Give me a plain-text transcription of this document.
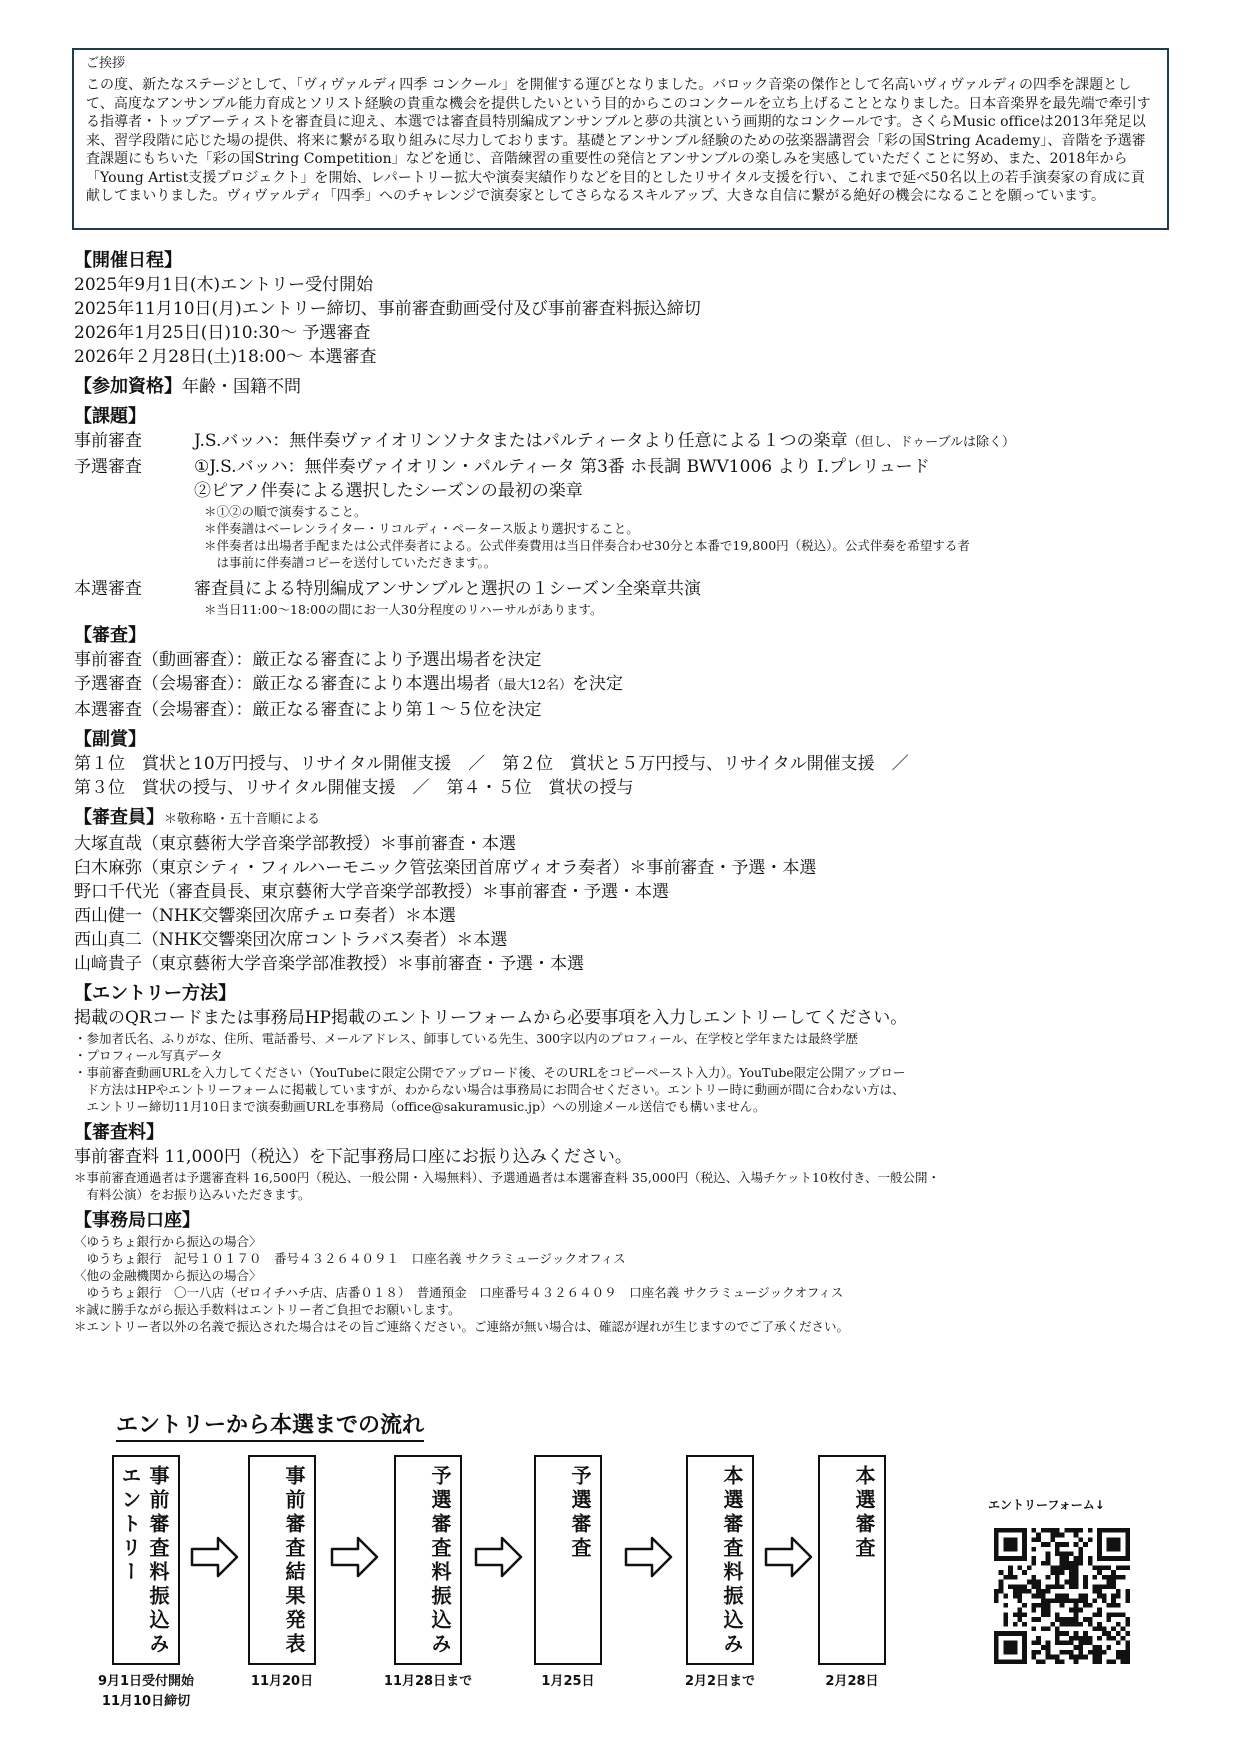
ご挨拶

この度、新たなステージとして、「ヴィヴァルディ四季 コンクール」を開催する運びとなりました。バロック音楽の傑作として名高いヴィヴァルディの四季を課題として、高度なアンサンブル能力育成とソリスト経験の貴重な機会を提供したいという目的からこのコンクールを立ち上げることとなりました。日本音楽界を最先端で牽引する指導者・トップアーティストを審査員に迎え、本選では審査員特別編成アンサンブルと夢の共演という画期的なコンクールです。さくらMusic officeは2013年発足以来、習学段階に応じた場の提供、将来に繋がる取り組みに尽力しております。基礎とアンサンブル経験のための弦楽器講習会「彩の国String Academy」、音階を予選審査課題にもちいた「彩の国String Competition」などを通じ、音階練習の重要性の発信とアンサンブルの楽しみを実感していただくことに努め、また、2018年から「Young Artist支援プロジェクト」を開始、レパートリー拡大や演奏実績作りなどを目的としたリサイタル支援を行い、これまで延べ50名以上の若手演奏家の育成に貢献してまいりました。ヴィヴァルディ「四季」へのチャレンジで演奏家としてさらなるスキルアップ、大きな自信に繋がる絶好の機会になることを願っています。

【開催日程】

2025年9月1日(木)エントリー受付開始

2025年11月10日(月)エントリー締切、事前審査動画受付及び事前審査料振込締切

2026年1月25日(日)10:30～ 予選審査

2026年２月28日(土)18:00～ 本選審査

【参加資格】年齢・国籍不問

【課題】

事前審査	J.S.バッハ：無伴奏ヴァイオリンソナタまたはパルティータより任意による１つの楽章（但し、ドゥーブルは除く）
予選審査	①J.S.バッハ：無伴奏ヴァイオリン・パルティータ 第3番 ホ長調 BWV1006 より I.プレリュード

②ピアノ伴奏による選択したシーズンの最初の楽章

＊①②の順で演奏すること。

＊伴奏譜はベーレンライター・リコルディ・ペータース版より選択すること。

＊伴奏者は出場者手配または公式伴奏者による。公式伴奏費用は当日伴奏合わせ30分と本番で19,800円（税込）。公式伴奏を希望する者

　は事前に伴奏譜コピーを送付していただきます。。

本選審査	審査員による特別編成アンサンブルと選択の１シーズン全楽章共演

＊当日11:00～18:00の間にお一人30分程度のリハーサルがあります。

【審査】

事前審査（動画審査）：厳正なる審査により予選出場者を決定

予選審査（会場審査）：厳正なる審査により本選出場者（最大12名）を決定

本選審査（会場審査）：厳正なる審査により第１～５位を決定

【副賞】

第１位　賞状と10万円授与、リサイタル開催支援　／　第２位　賞状と５万円授与、リサイタル開催支援　／

第３位　賞状の授与、リサイタル開催支援　／　第４・５位　賞状の授与

【審査員】＊敬称略・五十音順による

大塚直哉（東京藝術大学音楽学部教授）＊事前審査・本選

臼木麻弥（東京シティ・フィルハーモニック管弦楽団首席ヴィオラ奏者）＊事前審査・予選・本選

野口千代光（審査員長、東京藝術大学音楽学部教授）＊事前審査・予選・本選

西山健一（NHK交響楽団次席チェロ奏者）＊本選

西山真二（NHK交響楽団次席コントラバス奏者）＊本選

山﨑貴子（東京藝術大学音楽学部准教授）＊事前審査・予選・本選

【エントリー方法】

掲載のQRコードまたは事務局HP掲載のエントリーフォームから必要事項を入力しエントリーしてください。

・参加者氏名、ふりがな、住所、電話番号、メールアドレス、師事している先生、300字以内のプロフィール、在学校と学年または最終学歴

・プロフィール写真データ

・事前審査動画URLを入力してください（YouTubeに限定公開でアップロード後、そのURLをコピーペースト入力）。YouTube限定公開アップロー

　ド方法はHPやエントリーフォームに掲載していますが、わからない場合は事務局にお問合せください。エントリー時に動画が間に合わない方は、

　エントリー締切11月10日まで演奏動画URLを事務局（office@sakuramusic.jp）への別途メール送信でも構いません。

【審査料】

事前審査料 11,000円（税込）を下記事務局口座にお振り込みください。

＊事前審査通過者は予選審査料 16,500円（税込、一般公開・入場無料）、予選通過者は本選審査料 35,000円（税込、入場チケット10枚付き、一般公開・

　有料公演）をお振り込みいただきます。

【事務局口座】

〈ゆうちょ銀行から振込の場合〉

　ゆうちょ銀行　記号１０１７０　番号４３２６４０９１　口座名義 サクラミュージックオフィス

〈他の金融機関から振込の場合〉

　ゆうちょ銀行　〇一八店（ゼロイチハチ店、店番０１８）　普通預金　口座番号４３２６４０９　口座名義 サクラミュージックオフィス

＊誠に勝手ながら振込手数料はエントリー者ご負担でお願いします。

＊エントリー者以外の名義で振込された場合はその旨ご連絡ください。ご連絡が無い場合は、確認が遅れが生じますのでご了承ください。

エントリーから本選までの流れ
事前審査料振込み
エントリー	事前審査結果発表	予選審査料振込み	予選審査	本選審査料振込み	本選審査
9月1日受付開始
11月10日締切
11月20日	11月28日まで	1月25日	2月2日まで	2月28日
エントリーフォーム↓
